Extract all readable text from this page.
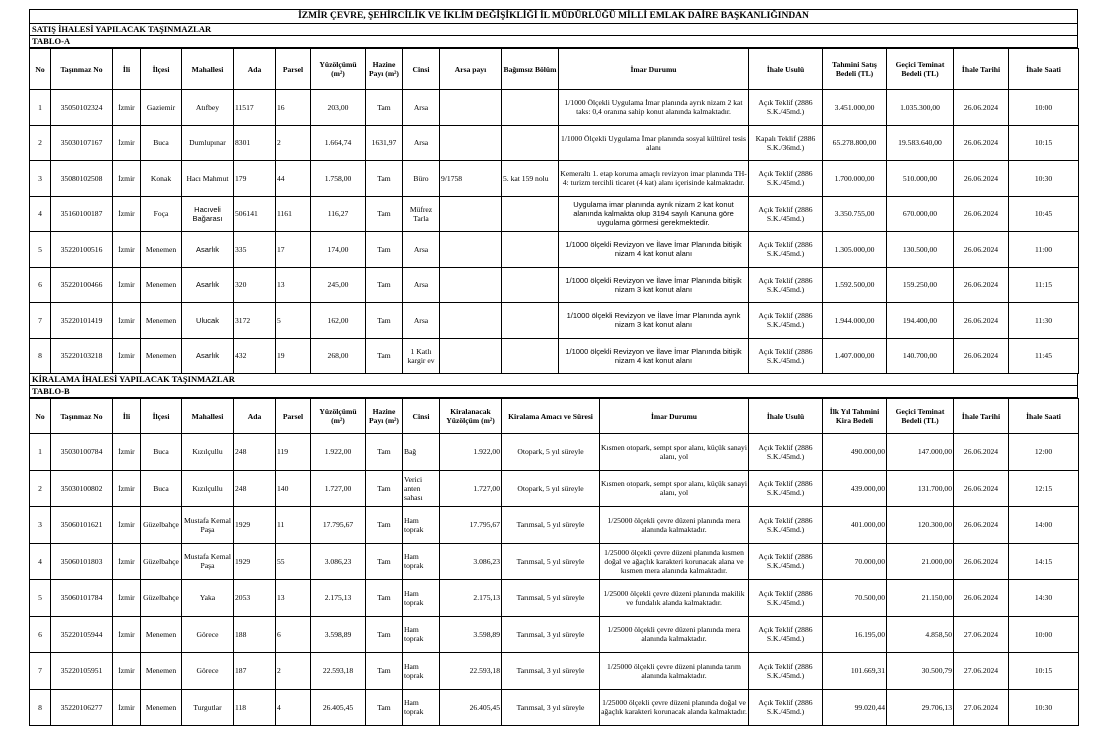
İZMİR ÇEVRE, ŞEHİRCİLİK VE İKLİM DEĞİŞİKLİĞİ İL MÜDÜRLÜĞÜ MİLLİ EMLAK DAİRE BAŞKANLIĞINDAN
SATIŞ İHALESİ YAPILACAK TAŞINMAZLAR
TABLO-A
No	Taşınmaz No	İli	İlçesi	Mahallesi	Ada	Parsel	Yüzölçümü (m²)	Hazine Payı (m²)	Cinsi	Arsa payı	Bağımsız Bölüm	İmar Durumu	İhale Usulü	Tahmini Satış Bedeli (TL)	Geçici Teminat Bedeli (TL)	İhale Tarihi	İhale Saati
1	35050102324	İzmir	Gaziemir	Atıfbey	11517	16	203,00	Tam	Arsa			1/1000 Ölçekli Uygulama İmar planında ayrık nizam 2 kat taks: 0,4 oranına sahip konut alanında kalmaktadır.	Açık Teklif (2886 S.K./45md.)	3.451.000,00	1.035.300,00	26.06.2024	10:00
2	35030107167	İzmir	Buca	Dumlupınar	8301	2	1.664,74	1631,97	Arsa			1/1000 Ölçekli Uygulama İmar planında sosyal kültürel tesis alanı	Kapalı Teklif (2886 S.K./36md.)	65.278.800,00	19.583.640,00	26.06.2024	10:15
3	35080102508	İzmir	Konak	Hacı Mahmut	179	44	1.758,00	Tam	Büro	9/1758	5. kat 159 nolu	Kemeraltı 1. etap koruma amaçlı revizyon imar planında TH-4: turizm tercihli ticaret (4 kat) alanı içerisinde kalmaktadır.	Açık Teklif (2886 S.K./45md.)	1.700.000,00	510.000,00	26.06.2024	10:30
4	35160100187	İzmir	Foça	Hacıveli Bağarası	506141	1161	116,27	Tam	Müfrez Tarla			Uygulama imar planında ayrık nizam 2 kat konut alanında kalmakta olup 3194 sayılı Kanuna göre uygulama görmesi gerekmektedir.	Açık Teklif (2886 S.K./45md.)	3.350.755,00	670.000,00	26.06.2024	10:45
5	35220100516	İzmir	Menemen	Asarlık	335	17	174,00	Tam	Arsa			1/1000 ölçekli Revizyon ve İlave İmar Planında bitişik nizam 4 kat konut alanı	Açık Teklif (2886 S.K./45md.)	1.305.000,00	130.500,00	26.06.2024	11:00
6	35220100466	İzmir	Menemen	Asarlık	320	13	245,00	Tam	Arsa			1/1000 ölçekli Revizyon ve İlave İmar Planında bitişik nizam 3 kat konut alanı	Açık Teklif (2886 S.K./45md.)	1.592.500,00	159.250,00	26.06.2024	11:15
7	35220101419	İzmir	Menemen	Ulucak	3172	5	162,00	Tam	Arsa			1/1000 ölçekli Revizyon ve İlave İmar Planında ayrık nizam 3 kat konut alanı	Açık Teklif (2886 S.K./45md.)	1.944.000,00	194.400,00	26.06.2024	11:30
8	35220103218	İzmir	Menemen	Asarlık	432	19	268,00	Tam	1 Katlı kargir ev			1/1000 ölçekli Revizyon ve İlave İmar Planında bitişik nizam 4 kat konut alanı	Açık Teklif (2886 S.K./45md.)	1.407.000,00	140.700,00	26.06.2024	11:45
KİRALAMA İHALESİ YAPILACAK TAŞINMAZLAR
TABLO-B
No	Taşınmaz No	İli	İlçesi	Mahallesi	Ada	Parsel	Yüzölçümü (m²)	Hazine Payı (m²)	Cinsi	Kiralanacak Yüzölçüm (m²)	Kiralama Amacı ve Süresi	İmar Durumu	İhale Usulü	İlk Yıl Tahmini Kira Bedeli	Geçici Teminat Bedeli (TL)	İhale Tarihi	İhale Saati
1	35030100784	İzmir	Buca	Kızılçullu	248	119	1.922,00	Tam	Bağ	1.922,00	Otopark, 5 yıl süreyle	Kısmen otopark, sempt spor alanı, küçük sanayi alanı, yol	Açık Teklif (2886 S.K./45md.)	490.000,00	147.000,00	26.06.2024	12:00
2	35030100802	İzmir	Buca	Kızılçullu	248	140	1.727,00	Tam	Verici anten sahası	1.727,00	Otopark, 5 yıl süreyle	Kısmen otopark, sempt spor alanı, küçük sanayi alanı, yol	Açık Teklif (2886 S.K./45md.)	439.000,00	131.700,00	26.06.2024	12:15
3	35060101621	İzmir	Güzelbahçe	Mustafa Kemal Paşa	1929	11	17.795,67	Tam	Ham toprak	17.795,67	Tarımsal, 5 yıl süreyle	1/25000 ölçekli çevre düzeni planında mera alanında kalmaktadır.	Açık Teklif (2886 S.K./45md.)	401.000,00	120.300,00	26.06.2024	14:00
4	35060101803	İzmir	Güzelbahçe	Mustafa Kemal Paşa	1929	55	3.086,23	Tam	Ham toprak	3.086,23	Tarımsal, 5 yıl süreyle	1/25000 ölçekli çevre düzeni planında kısmen doğal ve ağaçlık karakteri korunacak alana ve kısmen mera alanında kalmaktadır.	Açık Teklif (2886 S.K./45md.)	70.000,00	21.000,00	26.06.2024	14:15
5	35060101784	İzmir	Güzelbahçe	Yaka	2053	13	2.175,13	Tam	Ham toprak	2.175,13	Tarımsal, 5 yıl süreyle	1/25000 ölçekli çevre düzeni planında makilik ve fundalık alanda kalmaktadır.	Açık Teklif (2886 S.K./45md.)	70.500,00	21.150,00	26.06.2024	14:30
6	35220105944	İzmir	Menemen	Görece	188	6	3.598,89	Tam	Ham toprak	3.598,89	Tarımsal, 3 yıl süreyle	1/25000 ölçekli çevre düzeni planında mera alanında kalmaktadır.	Açık Teklif (2886 S.K./45md.)	16.195,00	4.858,50	27.06.2024	10:00
7	35220105951	İzmir	Menemen	Görece	187	2	22.593,18	Tam	Ham toprak	22.593,18	Tarımsal, 3 yıl süreyle	1/25000 ölçekli çevre düzeni planında tarım alanında kalmaktadır.	Açık Teklif (2886 S.K./45md.)	101.669,31	30.500,79	27.06.2024	10:15
8	35220106277	İzmir	Menemen	Turgutlar	118	4	26.405,45	Tam	Ham toprak	26.405,45	Tarımsal, 3 yıl süreyle	1/25000 ölçekli çevre düzeni planında doğal ve ağaçlık karakteri korunacak alanda kalmaktadır.	Açık Teklif (2886 S.K./45md.)	99.020,44	29.706,13	27.06.2024	10:30
